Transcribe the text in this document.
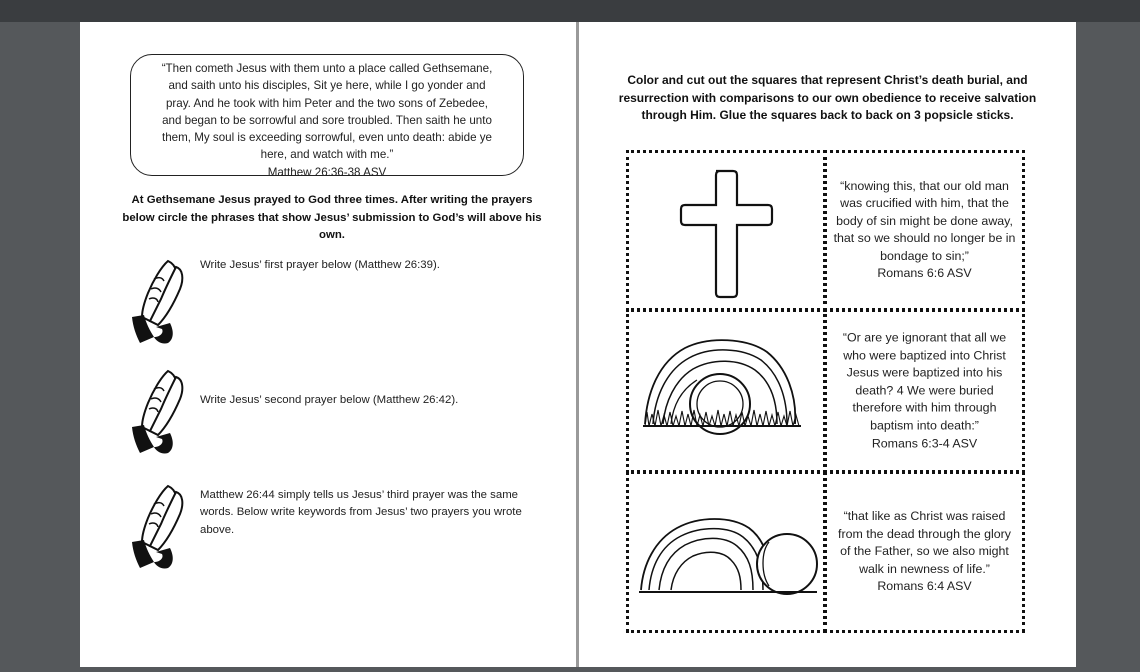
“Then cometh Jesus with them unto a place called Gethsemane,
and saith unto his disciples, Sit ye here, while I go yonder and
pray. And he took with him Peter and the two sons of Zebedee,
and began to be sorrowful and sore troubled. Then saith he unto
them, My soul is exceeding sorrowful, even unto death: abide ye
here, and watch with me.”
Matthew 26:36-38 ASV
At Gethsemane Jesus prayed to God three times. After writing the prayers below circle the phrases that show Jesus’ submission to God’s will above his own.
Write Jesus’ first prayer below (Matthew 26:39).
Write Jesus’ second prayer below (Matthew 26:42).
Matthew 26:44 simply tells us Jesus’ third prayer was the same words. Below write keywords from Jesus’ two prayers you wrote above.
Color and cut out the squares that represent Christ’s death burial, and resurrection with comparisons to our own obedience to receive salvation through Him. Glue the squares back to back on 3 popsicle sticks.
“knowing this, that our old man was crucified with him, that the body of sin might be done away, that so we should no longer be in bondage to sin;”
Romans 6:6 ASV
“Or are ye ignorant that all we who were baptized into Christ Jesus were baptized into his death? 4 We were buried therefore with him through baptism into death:”
Romans 6:3-4 ASV
“that like as Christ was raised from the dead through the glory of the Father, so we also might walk in newness of life.”
Romans 6:4 ASV
